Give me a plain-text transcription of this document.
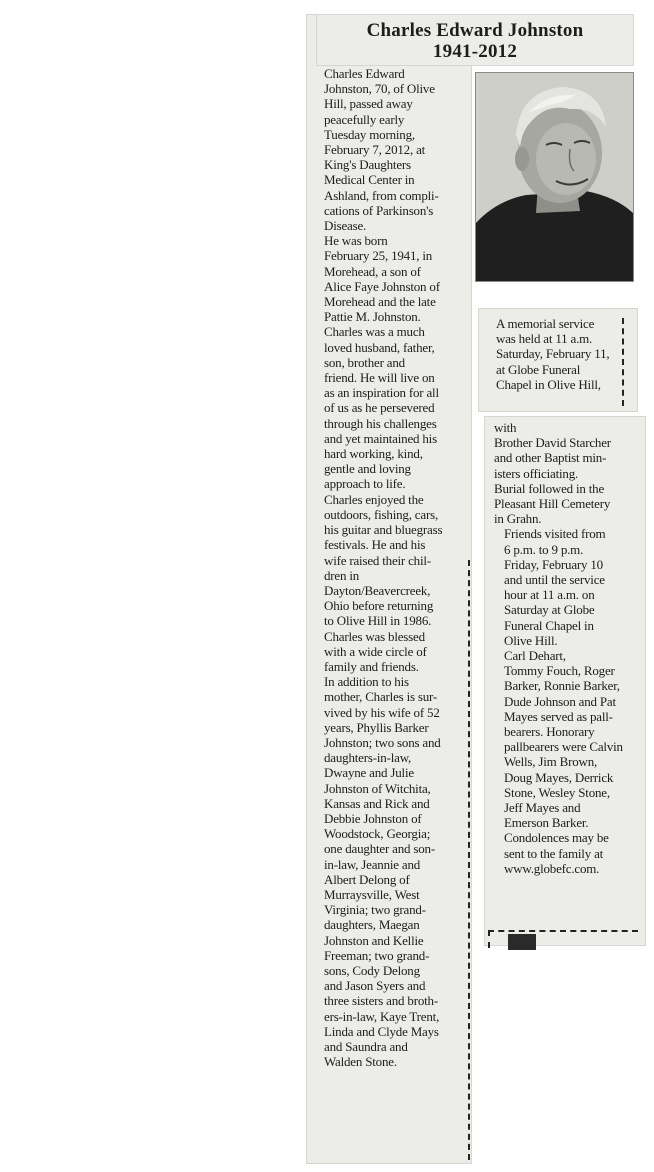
Charles Edward Johnston
1941-2012

Charles Edward
Johnston, 70, of Olive
Hill, passed away
peacefully early
Tuesday morning,
February 7, 2012, at
King's Daughters
Medical Center in
Ashland, from compli-
cations of Parkinson's
Disease.

He was born
February 25, 1941, in
Morehead, a son of
Alice Faye Johnston of
Morehead and the late
Pattie M. Johnston.
Charles was a much
loved husband, father,
son, brother and
friend. He will live on
as an inspiration for all
of us as he persevered
through his challenges
and yet maintained his
hard working, kind,
gentle and loving
approach to life.

Charles enjoyed the
outdoors, fishing, cars,
his guitar and bluegrass
festivals. He and his
wife raised their chil-
dren in
Dayton/Beavercreek,
Ohio before returning
to Olive Hill in 1986.
Charles was blessed
with a wide circle of
family and friends.

In addition to his
mother, Charles is sur-
vived by his wife of 52
years, Phyllis Barker
Johnston; two sons and
daughters-in-law,
Dwayne and Julie
Johnston of Witchita,
Kansas and Rick and
Debbie Johnston of
Woodstock, Georgia;
one daughter and son-
in-law, Jeannie and
Albert Delong of
Murraysville, West
Virginia; two grand-
daughters, Maegan
Johnston and Kellie
Freeman; two grand-
sons, Cody Delong
and Jason Syers and
three sisters and broth-
ers-in-law, Kaye Trent,
Linda and Clyde Mays
and Saundra and
Walden Stone.

A memorial service
was held at 11 a.m.
Saturday, February 11,
at Globe Funeral
Chapel in Olive Hill,

with
Brother David Starcher
and other Baptist min-
isters officiating.
Burial followed in the
Pleasant Hill Cemetery
in Grahn.

Friends visited from
6 p.m. to 9 p.m.
Friday, February 10
and until the service
hour at 11 a.m. on
Saturday at Globe
Funeral Chapel in
Olive Hill.

Carl Dehart,
Tommy Fouch, Roger
Barker, Ronnie Barker,
Dude Johnson and Pat
Mayes served as pall-
bearers. Honorary
pallbearers were Calvin
Wells, Jim Brown,
Doug Mayes, Derrick
Stone, Wesley Stone,
Jeff Mayes and
Emerson Barker.

Condolences may be
sent to the family at
www.globefc.com.
